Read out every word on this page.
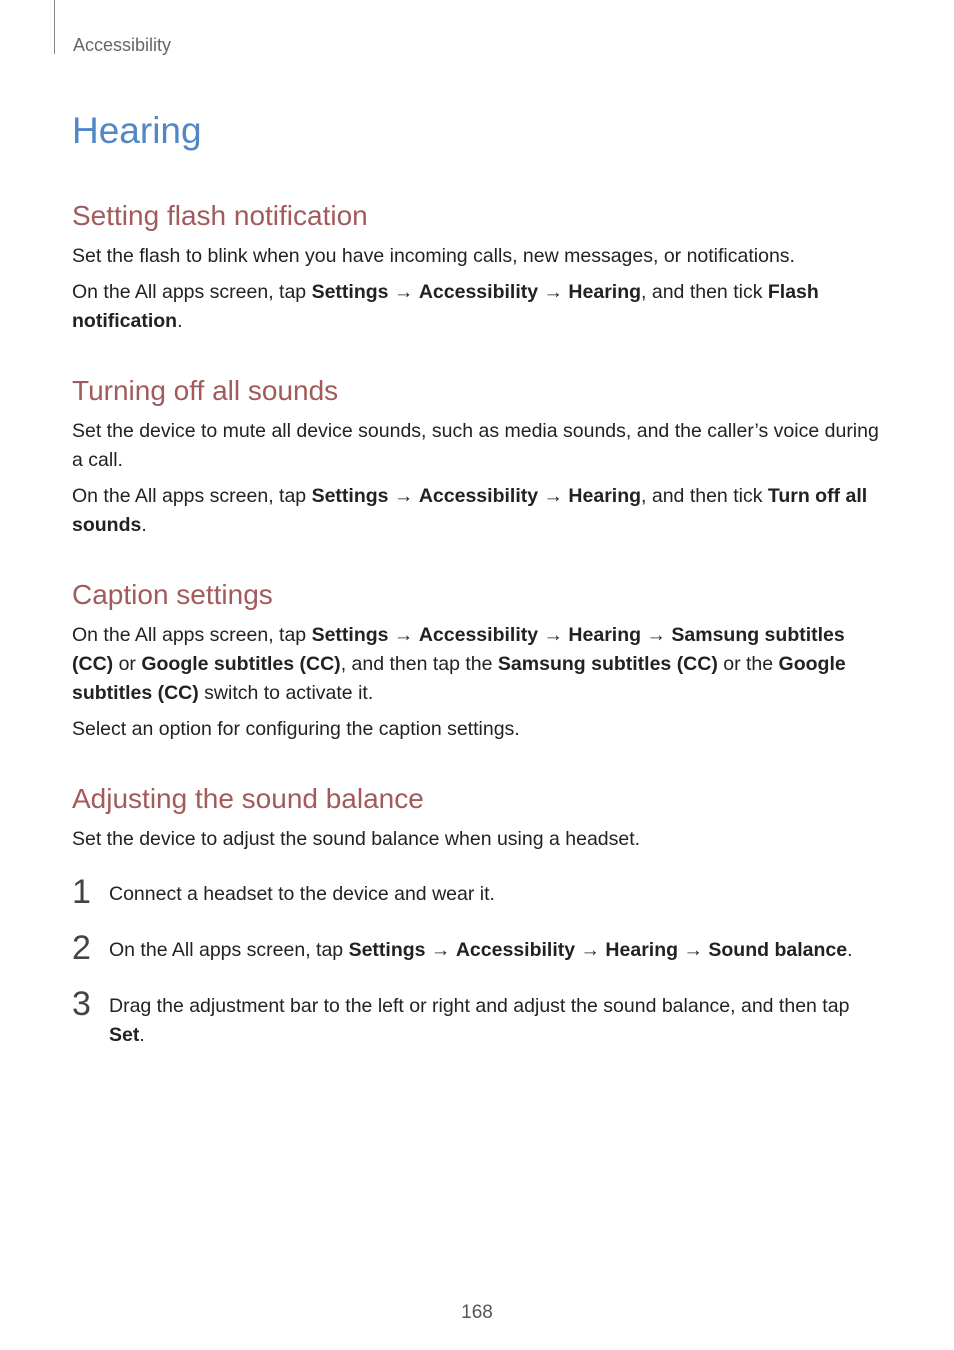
Accessibility
Hearing
Setting flash notification

Set the flash to blink when you have incoming calls, new messages, or notifications.

On the All apps screen, tap Settings → Accessibility → Hearing, and then tick Flash notification.

Turning off all sounds

Set the device to mute all device sounds, such as media sounds, and the caller’s voice during a call.

On the All apps screen, tap Settings → Accessibility → Hearing, and then tick Turn off all sounds.

Caption settings

On the All apps screen, tap Settings → Accessibility → Hearing → Samsung subtitles (CC) or Google subtitles (CC), and then tap the Samsung subtitles (CC) or the Google subtitles (CC) switch to activate it.

Select an option for configuring the caption settings.

Adjusting the sound balance

Set the device to adjust the sound balance when using a headset.

1 Connect a headset to the device and wear it.
2 On the All apps screen, tap Settings → Accessibility → Hearing → Sound balance.
3 Drag the adjustment bar to the left or right and adjust the sound balance, and then tap Set.
168
